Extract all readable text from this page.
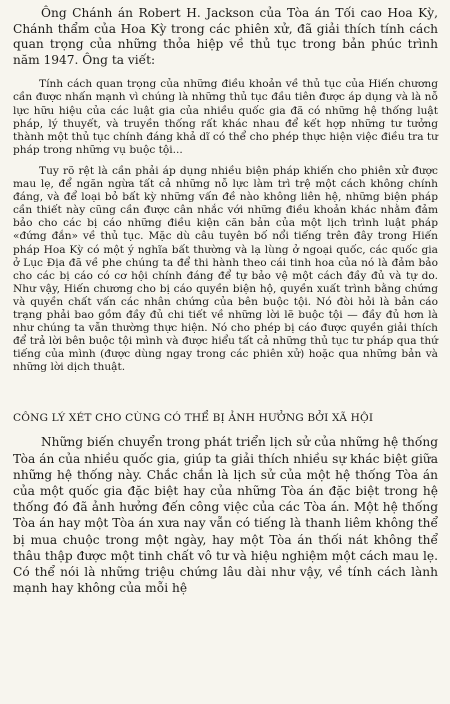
Ông Chánh án Robert H. Jackson của Tòa án Tối cao Hoa Kỳ, Chánh thẩm của Hoa Kỳ trong các phiên xử, đã giải thích tính cách quan trọng của những thỏa hiệp về thủ tục trong bản phúc trình năm 1947. Ông ta viết:

Tính cách quan trọng của những điều khoản về thủ tục của Hiến chương cần được nhấn mạnh vì chúng là những thủ tục đầu tiên được áp dụng và là nỗ lực hữu hiệu của các luật gia của nhiều quốc gia đã có những hệ thống luật pháp, lý thuyết, và truyền thống rất khác nhau để kết hợp những tư tưởng thành một thủ tục chính đáng khả dĩ có thể cho phép thực hiện việc điều tra tư pháp trong những vụ buộc tội...

Tuy rõ rệt là cần phải áp dụng nhiều biện pháp khiến cho phiên xử được mau lẹ, để ngăn ngừa tất cả những nỗ lực làm trì trệ một cách không chính đáng, và để loại bỏ bất kỳ những vấn đề nào không liên hệ, những biện pháp cần thiết này cũng cần được cân nhắc với những điều khoản khác nhằm đảm bảo cho các bị cáo những điều kiện căn bản của một lịch trình luật pháp «đứng đắn» về thủ tục. Mặc dù câu tuyên bố nổi tiếng trên đây trong Hiến pháp Hoa Kỳ có một ý nghĩa bất thường và lạ lùng ở ngoại quốc, các quốc gia ở Lục Địa đã về phe chúng ta để thi hành theo cái tinh hoa của nó là đảm bảo cho các bị cáo có cơ hội chính đáng để tự bảo vệ một cách đầy đủ và tự do. Như vậy, Hiến chương cho bị cáo quyền biện hộ, quyền xuất trình bằng chứng và quyền chất vấn các nhân chứng của bên buộc tội. Nó đòi hỏi là bản cáo trạng phải bao gồm đầy đủ chi tiết về những lời lẽ buộc tội — đầy đủ hơn là như chúng ta vẫn thường thực hiện. Nó cho phép bị cáo được quyền giải thích để trả lời bên buộc tội mình và được hiểu tất cả những thủ tục tư pháp qua thứ tiếng của mình (được dùng ngay trong các phiên xử) hoặc qua những bản và những lời dịch thuật.

CÔNG LÝ XÉT CHO CÙNG CÓ THỂ BỊ ẢNH HƯỞNG BỞI XÃ HỘI

Những biến chuyển trong phát triển lịch sử của những hệ thống Tòa án của nhiều quốc gia, giúp ta giải thích nhiều sự khác biệt giữa những hệ thống này. Chắc chắn là lịch sử của một hệ thống Tòa án của một quốc gia đặc biệt hay của những Tòa án đặc biệt trong hệ thống đó đã ảnh hưởng đến công việc của các Tòa án. Một hệ thống Tòa án hay một Tòa án xưa nay vẫn có tiếng là thanh liêm không thể bị mua chuộc trong một ngày, hay một Tòa án thối nát không thể thâu thập được một tinh chất vô tư và hiệu nghiệm một cách mau lẹ. Có thể nói là những triệu chứng lâu dài như vậy, về tính cách lành mạnh hay không của mỗi hệ
